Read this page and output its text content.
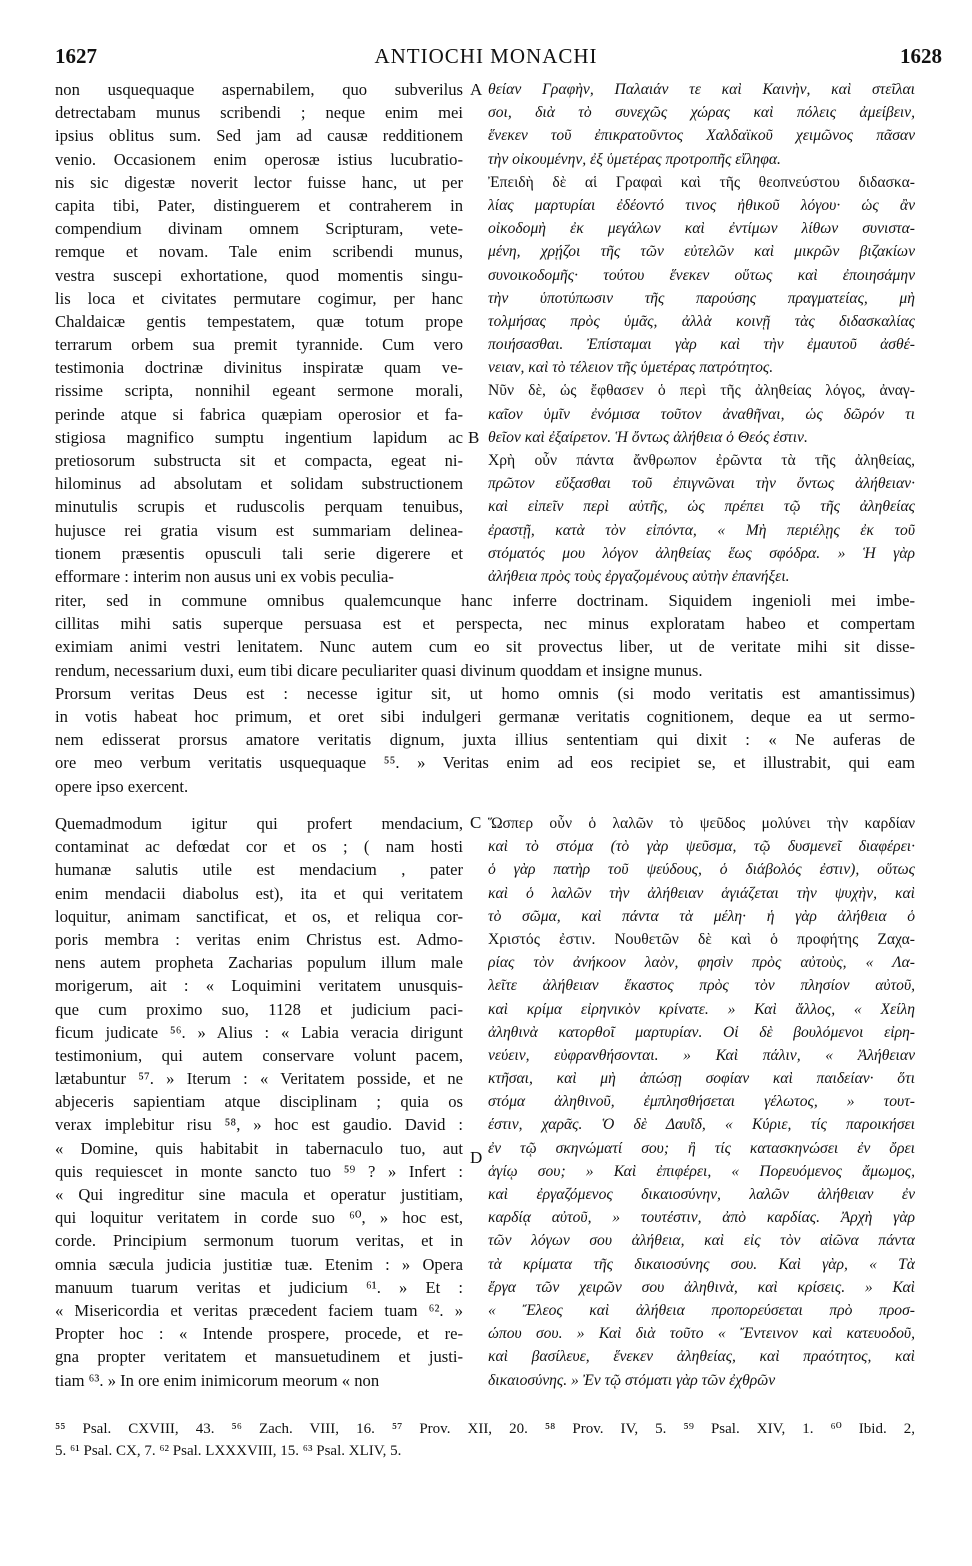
1627	ANTIOCHI MONACHI	1628
non usquequaque aspernabilem, quo subverilus
detrectabam munus scribendi ; neque enim mei
ipsius oblitus sum. Sed jam ad causæ redditionem
venio. Occasionem enim operosæ istius lucubratio-
nis sic digestæ noverit lector fuisse hanc, ut per
capita tibi, Pater, distinguerem et contraherem in
compendium divinam omnem Scripturam, vete-
remque et novam. Tale enim scribendi munus,
vestra suscepi exhortatione, quod momentis singu-
lis loca et civitates permutare cogimur, per hanc
Chaldaicæ gentis tempestatem, quæ totum prope
terrarum orbem sua premit tyrannide. Cum vero
testimonia doctrinæ divinitus inspiratæ quam ve-
rissime scripta, nonnihil egeant sermone morali,
perinde atque si fabrica quæpiam operosior et fa-
stigiosa magnifico sumptu ingentium lapidum ac
pretiosorum substructa sit et compacta, egeat ni-
hilominus ad absolutam et solidam substructionem
minutulis scrupis et ruduscolis perquam tenuibus,
hujusce rei gratia visum est summariam delinea-
tionem præsentis opusculi tali serie digerere et
efformare : interim non ausus uni ex vobis peculia-
θείαν Γραφὴν, Παλαιάν τε καὶ Καινὴν, καὶ στεῖλαι
σοι, διὰ τὸ συνεχῶς χώρας καὶ πόλεις ἀμείβειν,
ἕνεκεν τοῦ ἐπικρατοῦντος Χαλδαϊκοῦ χειμῶνος πᾶσαν
τὴν οἰκουμένην, ἐξ ὑμετέρας προτροπῆς εἴληφα.
Ἐπειδὴ δὲ αἱ Γραφαὶ καὶ τῆς θεοπνεύστου διδασκα-
λίας μαρτυρίαι ἐδέοντό τινος ἠθικοῦ λόγου· ὡς ἂν
οἰκοδομὴ ἐκ μεγάλων καὶ ἐντίμων λίθων συνιστα-
μένη, χρῄζοι τῆς τῶν εὐτελῶν καὶ μικρῶν βιζακίων
συνοικοδομῆς· τούτου ἕνεκεν οὕτως καὶ ἐποιησάμην
τὴν ὑποτύπωσιν τῆς παρούσης πραγματείας, μὴ
τολμήσας πρὸς ὑμᾶς, ἀλλὰ κοινῇ τὰς διδασκαλίας
ποιήσασθαι. Ἐπίσταμαι γὰρ καὶ τὴν ἐμαυτοῦ ἀσθέ-
νειαν, καὶ τὸ τέλειον τῆς ὑμετέρας πατρότητος.
Νῦν δὲ, ὡς ἔφθασεν ὁ περὶ τῆς ἀληθείας λόγος, ἀναγ-
καῖον ὑμῖν ἐνόμισα τοῦτον ἀναθῆναι, ὡς δῶρόν τι
θεῖον καὶ ἐξαίρετον. Ἡ ὄντως ἀλήθεια ὁ Θεός ἐστιν.
Χρὴ οὖν πάντα ἄνθρωπον ἐρῶντα τὰ τῆς ἀληθείας,
πρῶτον εὔξασθαι τοῦ ἐπιγνῶναι τὴν ὄντως ἀλήθειαν·
καὶ εἰπεῖν περὶ αὐτῆς, ὡς πρέπει τῷ τῆς ἀληθείας
ἐραστῇ, κατὰ τὸν εἰπόντα, « Μὴ περιέλῃς ἐκ τοῦ
στόματός μου λόγον ἀληθείας ἕως σφόδρα. » Ἡ γὰρ
ἀλήθεια πρὸς τοὺς ἐργαζομένους αὐτὴν ἐπανήξει.
A
B
riter, sed in commune omnibus qualemcunque hanc inferre doctrinam. Siquidem ingenioli mei imbe-
cillitas mihi satis superque persuasa est et perspecta, nec minus exploratam habeo et compertam
eximiam animi vestri lenitatem. Nunc autem cum eo sit provectus liber, ut de veritate mihi sit disse-
rendum, necessarium duxi, eum tibi dicare peculiariter quasi divinum quoddam et insigne munus.
Prorsum veritas Deus est : necesse igitur sit, ut homo omnis (si modo veritatis est amantissimus)
in votis habeat hoc primum, et oret sibi indulgeri germanæ veritatis cognitionem, deque ea ut sermo-
nem edisserat prorsus amatore veritatis dignum, juxta illius sententiam qui dixit : « Ne auferas de
ore meo verbum veritatis usquequaque ⁵⁵. » Veritas enim ad eos recipiet se, et illustrabit, qui eam
opere ipso exercent.
Quemadmodum igitur qui profert mendacium,
contaminat ac defœdat cor et os ; ( nam hosti
humanæ salutis utile est mendacium , pater
enim mendacii diabolus est), ita et qui veritatem
loquitur, animam sanctificat, et os, et reliqua cor-
poris membra : veritas enim Christus est. Admo-
nens autem propheta Zacharias populum illum male
morigerum, ait : « Loquimini veritatem unusquis-
que cum proximo suo, 1128 et judicium paci-
ficum judicate ⁵⁶. » Alius : « Labia veracia dirigunt
testimonium, qui autem conservare volunt pacem,
lætabuntur ⁵⁷. » Iterum : « Veritatem posside, et ne
abjeceris sapientiam atque disciplinam ; quia os
verax implebitur risu ⁵⁸, » hoc est gaudio. David :
« Domine, quis habitabit in tabernaculo tuo, aut
quis requiescet in monte sancto tuo ⁵⁹ ? » Infert :
« Qui ingreditur sine macula et operatur justitiam,
qui loquitur veritatem in corde suo ⁶⁰, » hoc est,
corde. Principium sermonum tuorum veritas, et in
omnia sæcula judicia justitiæ tuæ. Etenim : » Opera
manuum tuarum veritas et judicium ⁶¹. » Et :
« Misericordia et veritas præcedent faciem tuam ⁶². »
Propter hoc : « Intende prospere, procede, et re-
gna propter veritatem et mansuetudinem et justi-
tiam ⁶³. » In ore enim inimicorum meorum « non
Ὥσπερ οὖν ὁ λαλῶν τὸ ψεῦδος μολύνει τὴν καρδίαν
καὶ τὸ στόμα (τὸ γὰρ ψεῦσμα, τῷ δυσμενεῖ διαφέρει·
ὁ γὰρ πατὴρ τοῦ ψεύδους, ὁ διάβολός ἐστιν), οὕτως
καὶ ὁ λαλῶν τὴν ἀλήθειαν ἁγιάζεται τὴν ψυχὴν, καὶ
τὸ σῶμα, καὶ πάντα τὰ μέλη· ἡ γὰρ ἀλήθεια ὁ
Χριστός ἐστιν. Νουθετῶν δὲ καὶ ὁ προφήτης Ζαχα-
ρίας τὸν ἀνήκοον λαὸν, φησὶν πρὸς αὐτοὺς, « Λα-
λεῖτε ἀλήθειαν ἕκαστος πρὸς τὸν πλησίον αὐτοῦ,
καὶ κρίμα εἰρηνικὸν κρίνατε. » Καὶ ἄλλος, « Χείλη
ἀληθινὰ κατορθοῖ μαρτυρίαν. Οἱ δὲ βουλόμενοι εἰρη-
νεύειν, εὐφρανθήσονται. » Καὶ πάλιν, « Ἀλήθειαν
κτῆσαι, καὶ μὴ ἀπώσῃ σοφίαν καὶ παιδείαν· ὅτι
στόμα ἀληθινοῦ, ἐμπλησθήσεται γέλωτος, » τουτ-
έστιν, χαρᾶς. Ὁ δὲ Δαυῒδ, « Κύριε, τίς παροικήσει
ἐν τῷ σκηνώματί σου; ἢ τίς κατασκηνώσει ἐν ὄρει
ἁγίῳ σου; » Καὶ ἐπιφέρει, « Πορευόμενος ἄμωμος,
καὶ ἐργαζόμενος δικαιοσύνην, λαλῶν ἀλήθειαν ἐν
καρδίᾳ αὐτοῦ, » τουτέστιν, ἀπὸ καρδίας. Ἀρχὴ γὰρ
τῶν λόγων σου ἀλήθεια, καὶ εἰς τὸν αἰῶνα πάντα
τὰ κρίματα τῆς δικαιοσύνης σου. Καὶ γὰρ, « Τὰ
ἔργα τῶν χειρῶν σου ἀληθινὰ, καὶ κρίσεις. » Καὶ
« Ἔλεος καὶ ἀλήθεια προπορεύσεται πρὸ προσ-
ώπου σου. » Καὶ διὰ τοῦτο « Ἔντεινον καὶ κατευοδοῦ,
καὶ βασίλευε, ἕνεκεν ἀληθείας, καὶ πραότητος, καὶ
δικαιοσύνης. » Ἐν τῷ στόματι γὰρ τῶν ἐχθρῶν
C
D
⁵⁵ Psal. CXVIII, 43. ⁵⁶ Zach. VIII, 16. ⁵⁷ Prov. XII, 20. ⁵⁸ Prov. IV, 5. ⁵⁹ Psal. XIV, 1. ⁶⁰ Ibid. 2,
5. ⁶¹ Psal. CX, 7. ⁶² Psal. LXXXVIII, 15. ⁶³ Psal. XLIV, 5.
